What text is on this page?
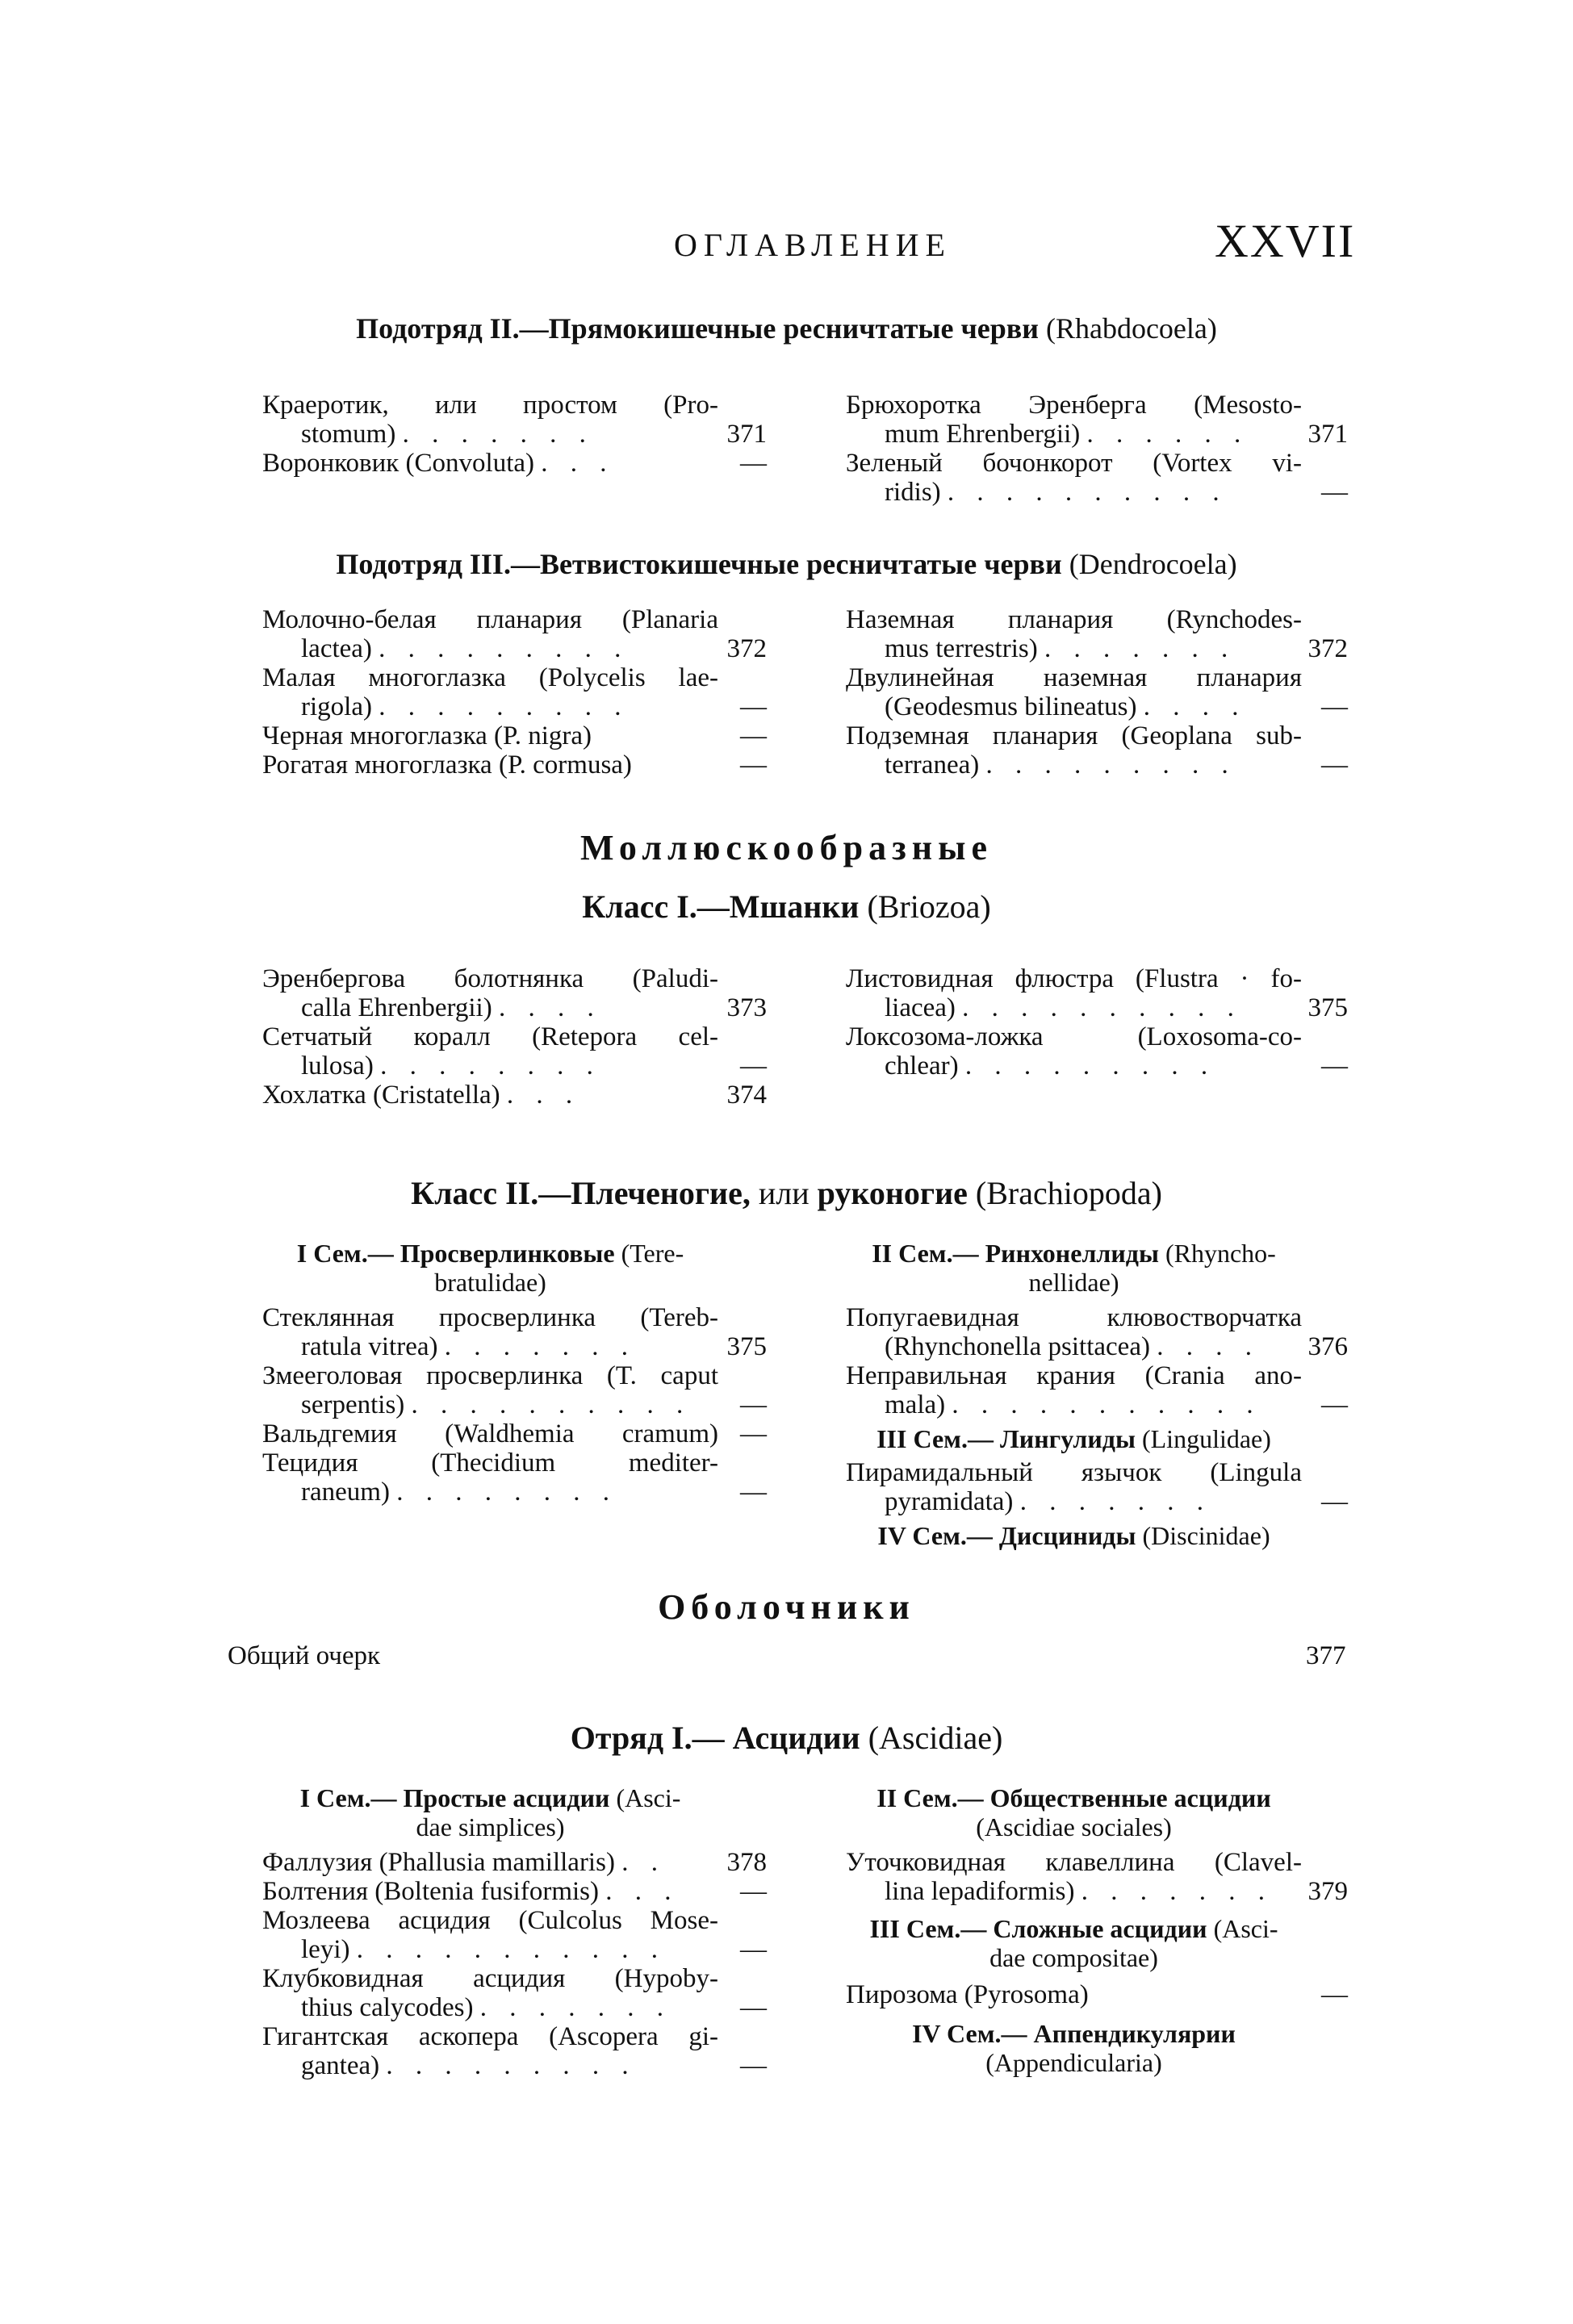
ОГЛАВЛЕНИЕ	XXVII
Подотряд II.—Прямокишечные ресничтатые черви (Rhabdocoela)
Краеротик, или простом (Pro-
stomum) . . . . . . .	371
Воронковик (Convoluta) . . .	—
Брюхоротка Эренберга (Mesosto-
mum Ehrenbergii) . . . . . .	371
Зеленый бочонкорот (Vortex vi-
ridis) . . . . . . . . . .	—
Подотряд III.—Ветвистокишечные ресничтатые черви (Dendrocoela)
Молочно-белая планария (Planaria
lactea) . . . . . . . . .	372
Малая многоглазка (Polycelis lae-
rigola) . . . . . . . . .	—
Черная многоглазка (P. nigra)	—
Рогатая многоглазка (P. cormusa)	—
Наземная планария (Rynchodes-
mus terrestris) . . . . . . .	372
Двулинейная наземная планария
(Geodesmus bilineatus) . . . .	—
Подземная планария (Geoplana sub-
terranea) . . . . . . . . .	—
Моллюскообразные
Класс I.—Мшанки (Briozoa)
Эренбергова болотнянка (Paludi-
calla Ehrenbergii) . . . .	373
Сетчатый коралл (Retepora cel-
lulosa) . . . . . . . .	—
Хохлатка (Cristatella) . . .	374
Листовидная флюстра (Flustra · fo-
liacea) . . . . . . . . . .	375
Локсозома-ложка (Loxosoma-co-
chlear) . . . . . . . . .	—
Класс II.—Плеченогие, или руконогие (Brachiopoda)
I Сем.— Просверлинковые (Tere-
bratulidae)
Стеклянная просверлинка (Tereb-
ratula vitrea) . . . . . . .	375
Змееголовая просверлинка (T. caput
serpentis) . . . . . . . . . .	—
Вальдгемия (Waldhemia cramum) —
Тецидия (Thecidium mediter-
raneum) . . . . . . . .	—
II Сем.— Ринхонеллиды (Rhyncho-
nellidae)
Попугаевидная клювостворчатка
(Rhynchonella psittacea) . . . .	376
Неправильная крания (Crania ano-
mala) . . . . . . . . . . .	—
III Сем.— Лингулиды (Lingulidae)
Пирамидальный язычок (Lingula
pyramidata) . . . . . . .	—
IV Сем.— Дисциниды (Discinidae)
Оболочники
Общий очерк	377
Отряд I.— Асцидии (Ascidiae)
I Сем.— Простые асцидии (Asci-
dae simplices)
Фаллузия (Phallusia mamillaris) . .	378
Болтения (Boltenia fusiformis) . . .	—
Мозлеева асцидия (Culcolus Mose-
leyi) . . . . . . . . . . .	—
Клубковидная асцидия (Hypoby-
thius calycodes) . . . . . . .	—
Гигантская аскопера (Ascopera gi-
gantea) . . . . . . . . .	—
II Сем.— Общественные асцидии
(Ascidiae sociales)
Уточковидная клавеллина (Clavel-
lina lepadiformis) . . . . . . .	379
III Сем.— Сложные асцидии (Asci-
dae compositae)
Пирозома (Pyrosoma)	—
IV Сем.— Аппендикулярии
(Appendicularia)
